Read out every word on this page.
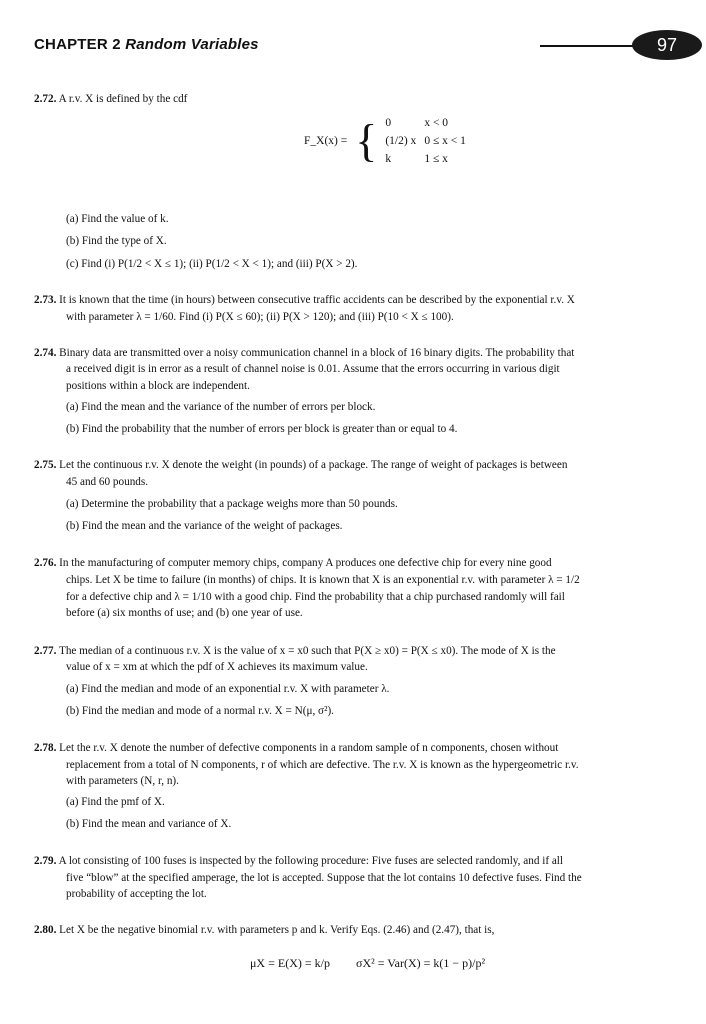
CHAPTER 2 Random Variables	97
2.72. A r.v. X is defined by the cdf
F_X(x) =	{	0	x < 0
		(1/2) x	0 ≤ x < 1
		k	1 ≤ x
(a) Find the value of k.
(b) Find the type of X.
(c) Find (i) P(1/2 < X ≤ 1); (ii) P(1/2 < X < 1); and (iii) P(X > 2).
2.73. It is known that the time (in hours) between consecutive traffic accidents can be described by the exponential r.v. X
with parameter λ = 1/60. Find (i) P(X ≤ 60); (ii) P(X > 120); and (iii) P(10 < X ≤ 100).
2.74. Binary data are transmitted over a noisy communication channel in a block of 16 binary digits. The probability that
a received digit is in error as a result of channel noise is 0.01. Assume that the errors occurring in various digit
positions within a block are independent.
(a) Find the mean and the variance of the number of errors per block.
(b) Find the probability that the number of errors per block is greater than or equal to 4.
2.75. Let the continuous r.v. X denote the weight (in pounds) of a package. The range of weight of packages is between
45 and 60 pounds.
(a) Determine the probability that a package weighs more than 50 pounds.
(b) Find the mean and the variance of the weight of packages.
2.76. In the manufacturing of computer memory chips, company A produces one defective chip for every nine good
chips. Let X be time to failure (in months) of chips. It is known that X is an exponential r.v. with parameter λ = 1/2
for a defective chip and λ = 1/10 with a good chip. Find the probability that a chip purchased randomly will fail
before (a) six months of use; and (b) one year of use.
2.77. The median of a continuous r.v. X is the value of x = x0 such that P(X ≥ x0) = P(X ≤ x0). The mode of X is the
value of x = xm at which the pdf of X achieves its maximum value.
(a) Find the median and mode of an exponential r.v. X with parameter λ.
(b) Find the median and mode of a normal r.v. X = N(μ, σ²).
2.78. Let the r.v. X denote the number of defective components in a random sample of n components, chosen without
replacement from a total of N components, r of which are defective. The r.v. X is known as the hypergeometric r.v.
with parameters (N, r, n).
(a) Find the pmf of X.
(b) Find the mean and variance of X.
2.79. A lot consisting of 100 fuses is inspected by the following procedure: Five fuses are selected randomly, and if all
five “blow” at the specified amperage, the lot is accepted. Suppose that the lot contains 10 defective fuses. Find the
probability of accepting the lot.
2.80. Let X be the negative binomial r.v. with parameters p and k. Verify Eqs. (2.46) and (2.47), that is,
μX = E(X) = k/p σX² = Var(X) = k(1 − p)/p²
